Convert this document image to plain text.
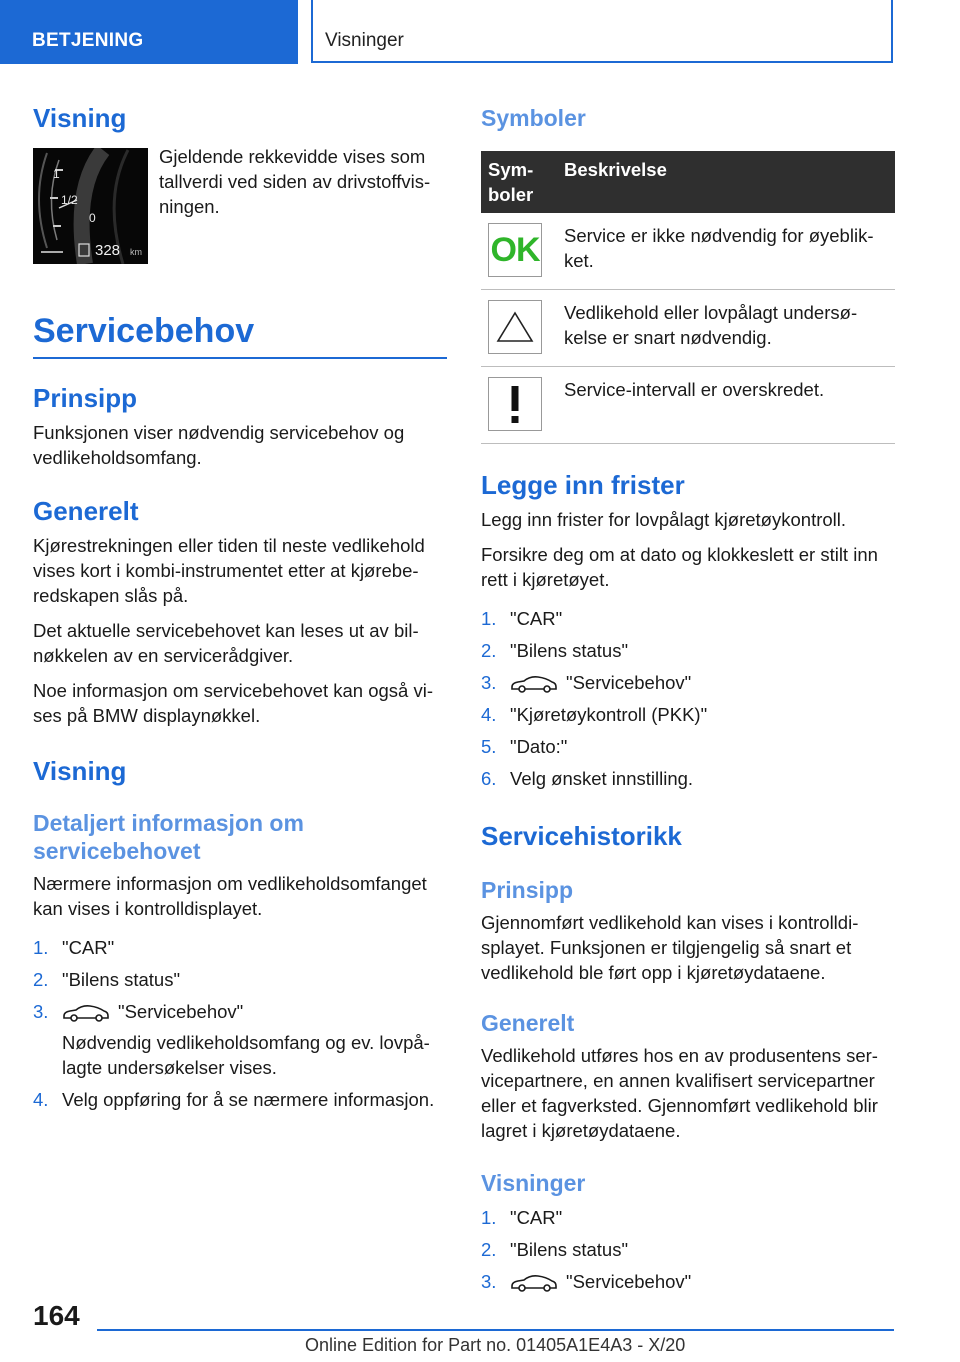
BETJENING	Visninger
Visning
1
1/2
0
328 km

Gjeldende rekkevidde vises som tallverdi ved siden av drivstoffvisningen.

Servicebehov
Prinsipp

Funksjonen viser nødvendig servicebehov og vedlikeholdsomfang.

Generelt

Kjørestrekningen eller tiden til neste vedlikehold vises kort i kombi-instrumentet etter at kjøreberedskapen slås på.

Det aktuelle servicebehovet kan leses ut av bilnøkkelen av en servicerådgiver.

Noe informasjon om servicebehovet kan også vises på BMW displaynøkkel.

Visning
Detaljert informasjon om servicebehovet

Nærmere informasjon om vedlikeholdsomfanget kan vises i kontrolldisplayet.

1. "CAR"
2. "Bilens status"
3.	"Servicebehov"
Nødvendig vedlikeholdsomfang og ev. lovpålagte undersøkelser vises.
4. Velg oppføring for å se nærmere informasjon.
Symboler
Symboler	Beskrivelse

OK	Service er ikke nødvendig for øyeblikket.

	Vedlikehold eller lovpålagt undersøkelse er snart nødvendig.

	Service-intervall er overskredet.
Legge inn frister

Legg inn frister for lovpålagt kjøretøykontroll.

Forsikre deg om at dato og klokkeslett er stilt inn rett i kjøretøyet.

1. "CAR"
2. "Bilens status"
3.	"Servicebehov"
4. "Kjøretøykontroll (PKK)"
5. "Dato:"
6. Velg ønsket innstilling.
Servicehistorikk
Prinsipp

Gjennomført vedlikehold kan vises i kontrolldisplayet. Funksjonen er tilgjengelig så snart et vedlikehold ble ført opp i kjøretøydataene.

Generelt

Vedlikehold utføres hos en av produsentens servicepartnere, en annen kvalifisert servicepartner eller et fagverksted. Gjennomført vedlikehold blir lagret i kjøretøydataene.

Visninger
1. "CAR"
2. "Bilens status"
3.	"Servicebehov"
164
Online Edition for Part no. 01405A1E4A3 - X/20
